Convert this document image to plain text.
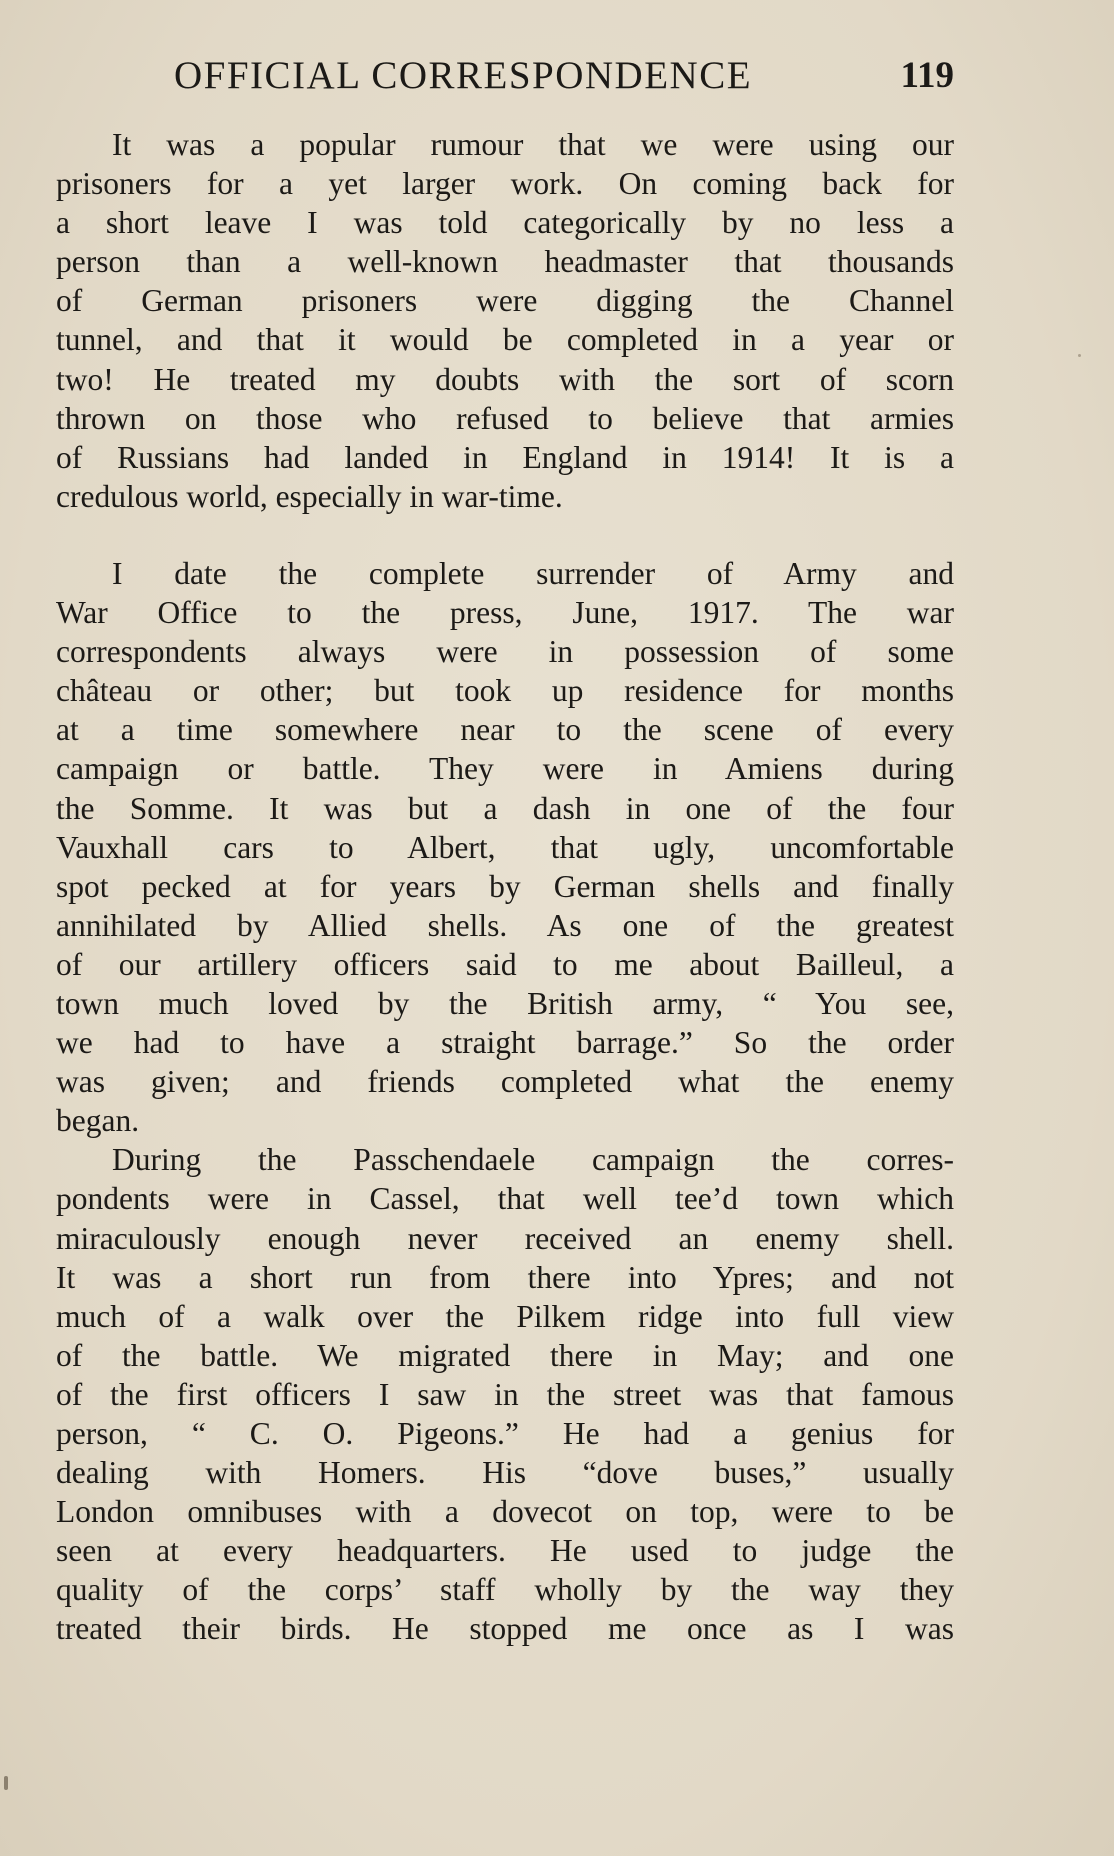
OFFICIAL CORRESPONDENCE	119
It was a popular rumour that we were using our
prisoners for a yet larger work. On coming back for
a short leave I was told categorically by no less a
person than a well-known headmaster that thousands
of German prisoners were digging the Channel
tunnel, and that it would be completed in a year or
two! He treated my doubts with the sort of scorn
thrown on those who refused to believe that armies
of Russians had landed in England in 1914! It is a
credulous world, especially in war-time.
I date the complete surrender of Army and
War Office to the press, June, 1917. The war
correspondents always were in possession of some
château or other; but took up residence for months
at a time somewhere near to the scene of every
campaign or battle. They were in Amiens during
the Somme. It was but a dash in one of the four
Vauxhall cars to Albert, that ugly, uncomfortable
spot pecked at for years by German shells and finally
annihilated by Allied shells. As one of the greatest
of our artillery officers said to me about Bailleul, a
town much loved by the British army, “ You see,
we had to have a straight barrage.” So the order
was given; and friends completed what the enemy
began.
During the Passchendaele campaign the corres-
pondents were in Cassel, that well tee’d town which
miraculously enough never received an enemy shell.
It was a short run from there into Ypres; and not
much of a walk over the Pilkem ridge into full view
of the battle. We migrated there in May; and one
of the first officers I saw in the street was that famous
person, “ C. O. Pigeons.” He had a genius for
dealing with Homers. His “dove buses,” usually
London omnibuses with a dovecot on top, were to be
seen at every headquarters. He used to judge the
quality of the corps’ staff wholly by the way they
treated their birds. He stopped me once as I was
